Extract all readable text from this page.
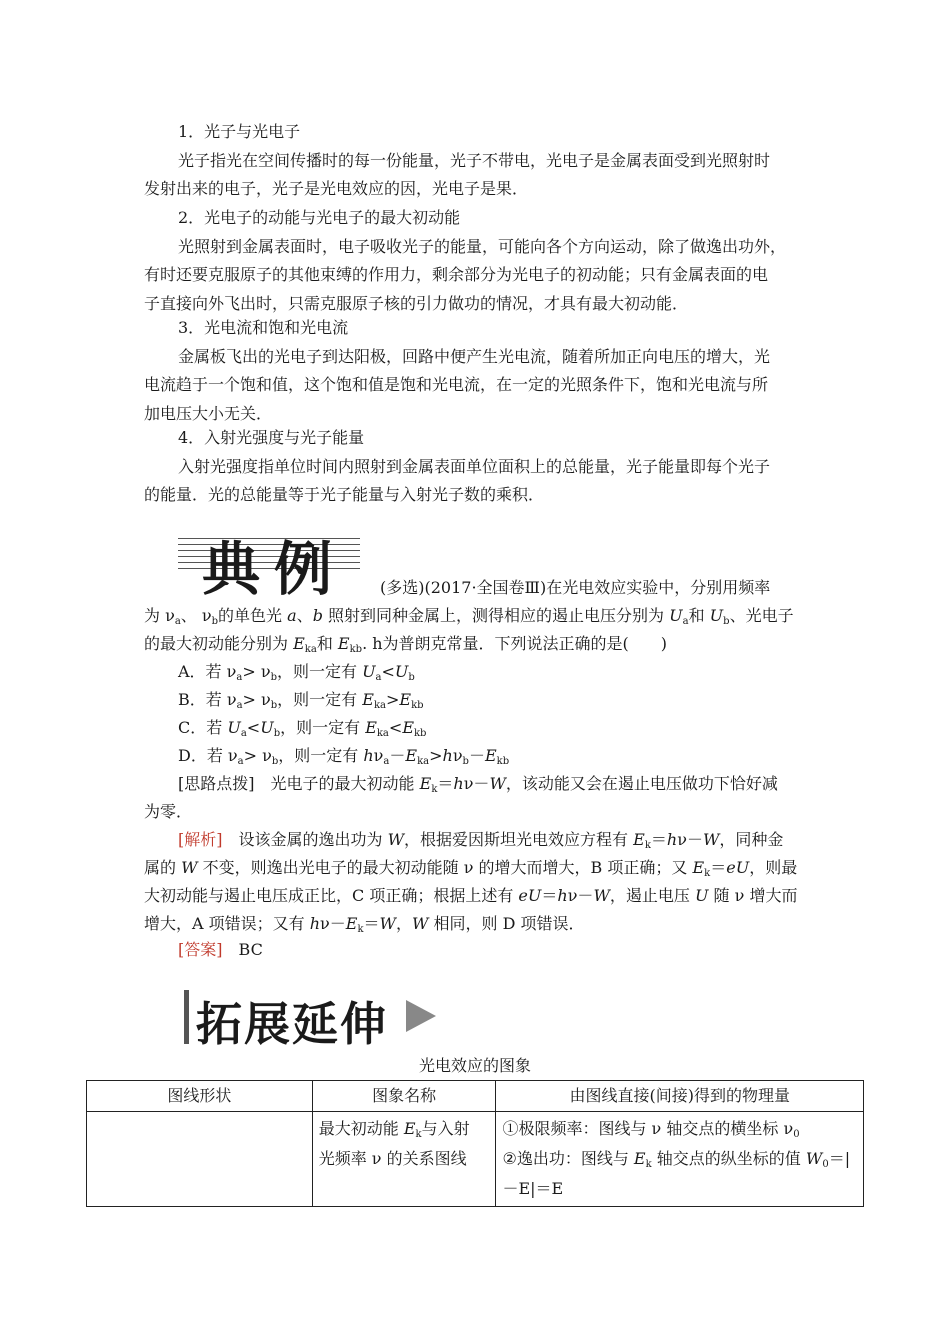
1．光子与光电子
光子指光在空间传播时的每一份能量，光子不带电，光电子是金属表面受到光照射时
发射出来的电子，光子是光电效应的因，光电子是果．
2．光电子的动能与光电子的最大初动能
光照射到金属表面时，电子吸收光子的能量，可能向各个方向运动，除了做逸出功外，
有时还要克服原子的其他束缚的作用力，剩余部分为光电子的初动能；只有金属表面的电
子直接向外飞出时，只需克服原子核的引力做功的情况，才具有最大初动能．
3．光电流和饱和光电流
金属板飞出的光电子到达阳极，回路中便产生光电流，随着所加正向电压的增大，光
电流趋于一个饱和值，这个饱和值是饱和光电流，在一定的光照条件下，饱和光电流与所
加电压大小无关．
4．入射光强度与光子能量
入射光强度指单位时间内照射到金属表面单位面积上的总能量，光子能量即每个光子
的能量．光的总能量等于光子能量与入射光子数的乘积．
典例 (多选)(2017·全国卷Ⅲ)在光电效应实验中，分别用频率
为 $\nu_a$、 $\nu_b$的单色光 a、b 照射到同种金属上，测得相应的遏止电压分别为 $U_a$和 $U_b$、光电子
的最大初动能分别为 $E_{ka}$和 $E_{kb}$. h为普朗克常量．下列说法正确的是(　　)
A．若 $\nu_a> \nu_b$，则一定有 $U_a<U_b$
B．若 $\nu_a> \nu_b$，则一定有 $E_{ka}>E_{kb}$
C．若 $U_a<U_b$，则一定有 $E_{ka}<E_{kb}$
D．若 $\nu_a> \nu_b$，则一定有 $h\nu_a-E_{ka}>h\nu_b-E_{kb}$
[思路点拨]　 光电子的最大初动能 $E_k=h\nu-W$，该动能又会在遏止电压做功下恰好减
为零．
[解析]　设该金属的逸出功为 W，根据爱因斯坦光电效应方程有 $E_k=h\nu-W$，同种金
属的 W 不变，则逸出光电子的最大初动能随 ν 的增大而增大，B 项正确；又 $E_k=eU$，则最
大初动能与遏止电压成正比，C 项正确；根据上述有 eU＝hν－W，遏止电压 U 随 ν 增大而
增大，A 项错误；又有 $h\nu-E_k=W$，W 相同，则 D 项错误．
[答案]　 BC
拓展延伸
光电效应的图象
图线形状	图象名称	由图线直接(间接)得到的物理量
	最大初动能 $E_k$与入射
光频率 ν 的关系图线	①极限频率：图线与 ν 轴交点的横坐标 $\nu_0$
②逸出功：图线与 $E_k$ 轴交点的纵坐标的值 $W_0=|$
－E|＝E
